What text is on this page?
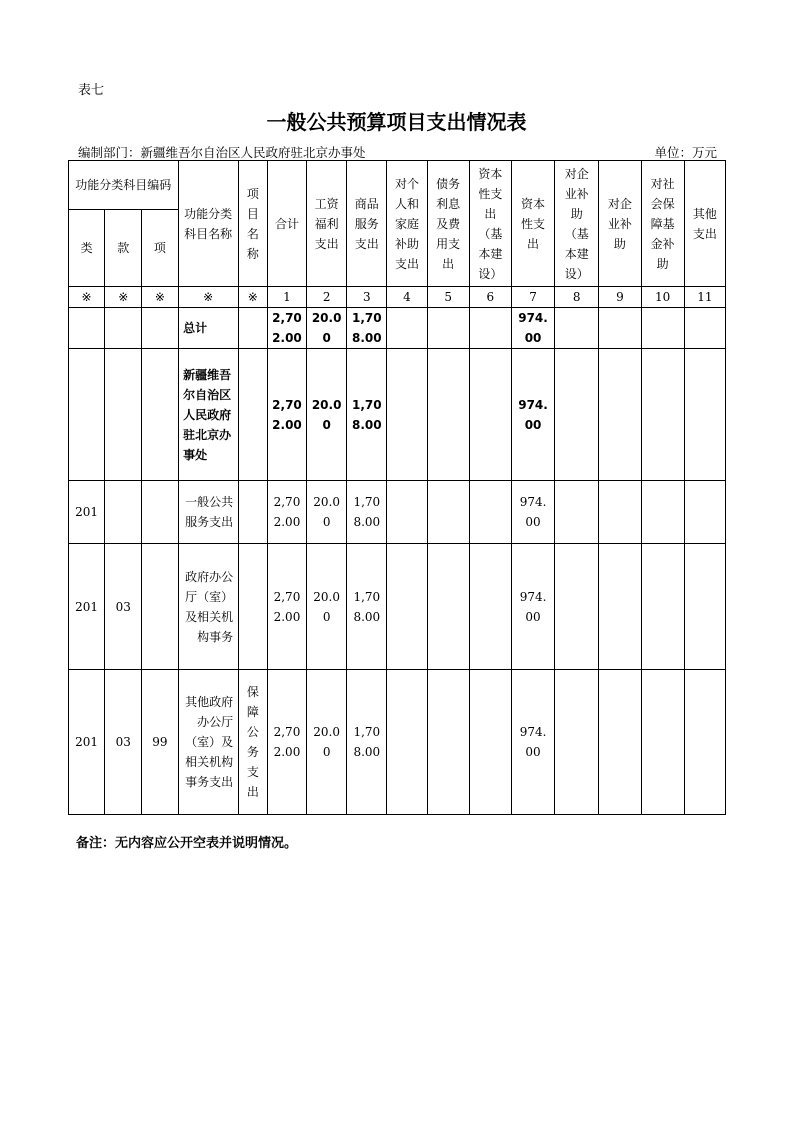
表七
一般公共预算项目支出情况表
编制部门：新疆维吾尔自治区人民政府驻北京办事处	单位：万元
功能分类科目编码			功能分类科目名称	项目名称	合计	工资福利支出	商品服务支出	对个人和家庭补助支出	债务利息及费用支出	资本性支出（基本建设）	资本性支出	对企业补助（基本建设）	对企业补助	对社会保障基金补助	其他支出

类	款	项													
※	※	※	※	※	1	2	3	4	5	6	7	8	9	10	11

			总计		2,702.00	20.00	1,708.00				974.00				

			新疆维吾尔自治区人民政府驻北京办事处		2,702.00	20.00	1,708.00				974.00				

201			一般公共服务支出		2,702.00	20.00	1,708.00				974.00				

201	03		政府办公厅（室）及相关机构事务		2,702.00	20.00	1,708.00				974.00				

201	03	99	其他政府办公厅（室）及相关机构事务支出	保障公务支出	2,702.00	20.00	1,708.00				974.00				

备注：无内容应公开空表并说明情况。
